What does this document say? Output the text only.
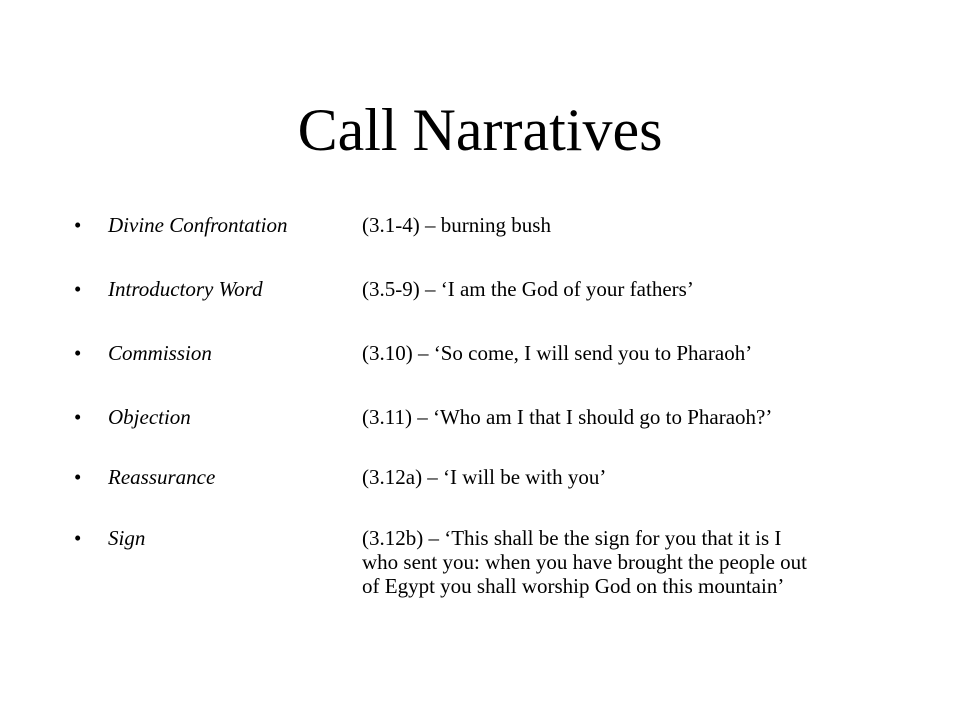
Call Narratives
• Divine Confrontation	(3.1-4) – burning bush
• Introductory Word	(3.5-9) – ‘I am the God of your fathers’
• Commission	(3.10) – ‘So come, I will send you to Pharaoh’
• Objection	(3.11) – ‘Who am I that I should go to Pharaoh?’
• Reassurance	(3.12a) – ‘I will be with you’
• Sign	(3.12b) – ‘This shall be the sign for you that it is I who sent you: when you have brought the people out of Egypt you shall worship God on this mountain’
